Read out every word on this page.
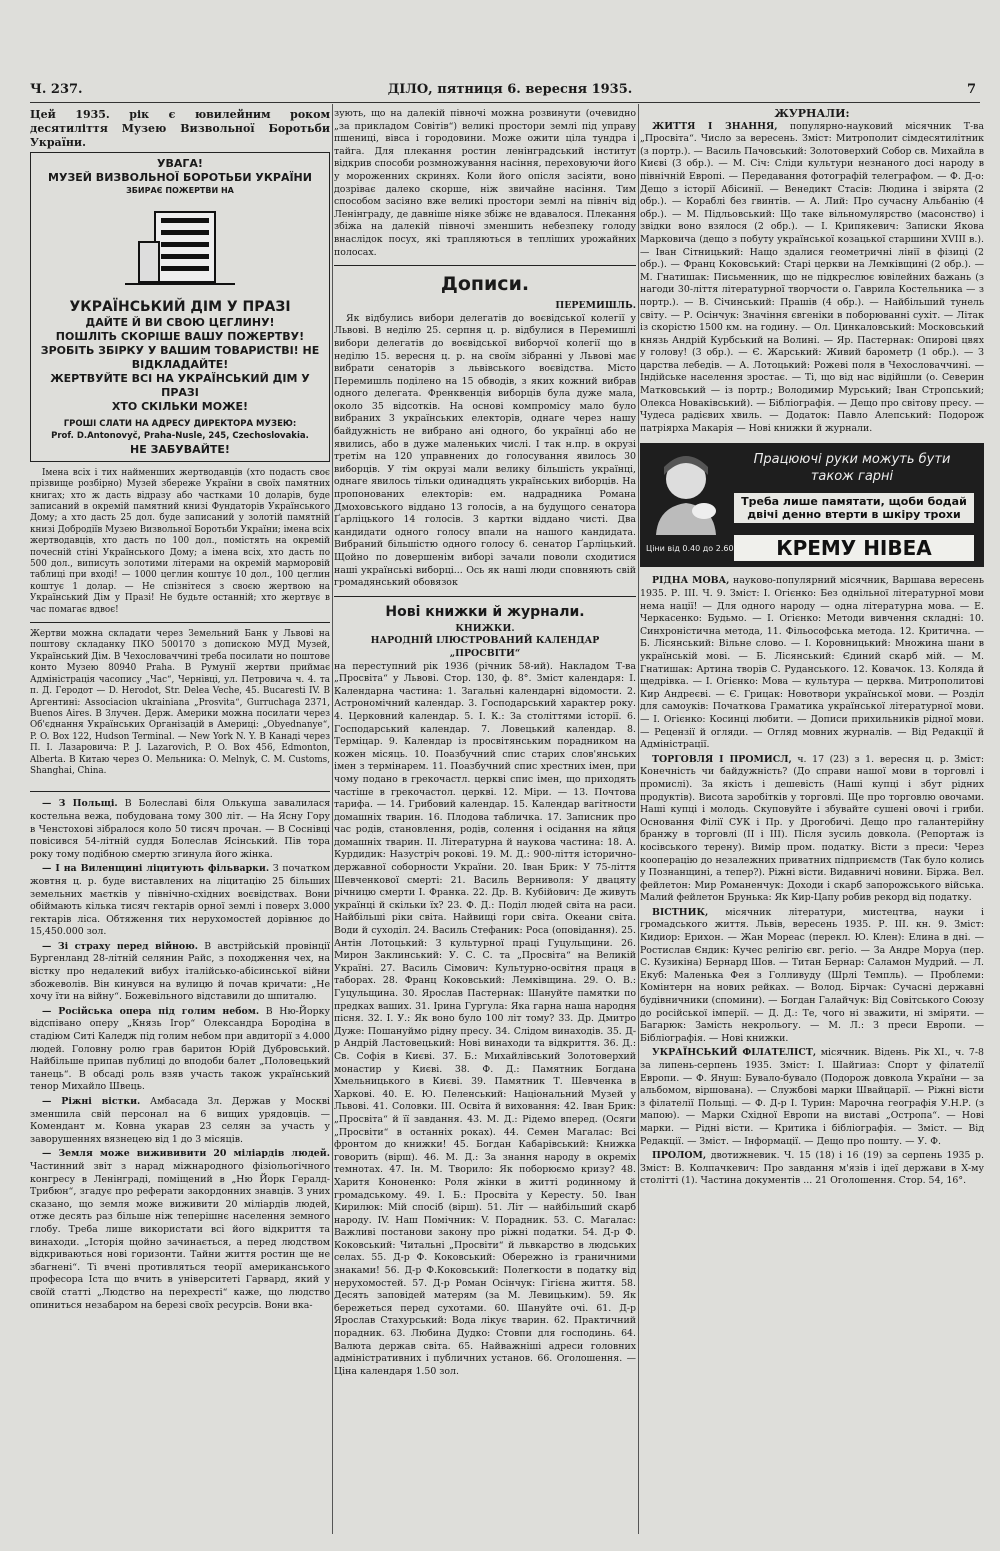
Ч. 237.	ДІЛО, пятниця 6. вересня 1935.	7

Цей 1935. рік є ювилейним роком десятиліття Музею Визвольної Боротьби України.

УВАГА!
МУЗЕЙ ВИЗВОЛЬНОЇ БОРОТЬБИ УКРАЇНИ
ЗБИРАЄ ПОЖЕРТВИ НА
УКРАЇНСЬКИЙ ДІМ У ПРАЗІ
ДАЙТЕ Й ВИ СВОЮ ЦЕГЛИНУ!
ПОШЛІТЬ СКОРІШЕ ВАШУ ПОЖЕРТВУ!
ЗРОБІТЬ ЗБІРКУ У ВАШИМ ТОВАРИСТВІ! НЕ ВІДКЛАДАЙТЕ!
ЖЕРТВУЙТЕ ВСІ НА УКРАЇНСЬКИЙ ДІМ У ПРАЗІ
ХТО СКІЛЬКИ МОЖЕ!
ГРОШІ СЛАТИ НА АДРЕСУ ДИРЕКТОРА МУЗЕЮ:
Prof. D.Antonovyč, Praha-Nusle, 245, Czechoslovakia.
НЕ ЗАБУВАЙТЕ!

Імена всіх і тих найменших жертводавців (хто подасть своє прізвище розбірно) Музей збереже України в своїх памятних книгах; хто ж дасть відразу або частками 10 доларів, буде записаний в окремій памятний книзі Фундаторів Українського Дому; а хто дасть 25 дол. буде записаний у золотій памятній книзі Добродіїв Музею Визвольної Боротьби України; імена всіх жертводавців, хто дасть по 100 дол., помістять на окремій почесній стіні Українського Дому; а імена всіх, хто дасть по 500 дол., виписуть золотими літерами на окремій марморовій таблиці при вході! — 1000 цеглин коштує 10 дол., 100 цеглин коштує 1 долар. — Не спізнітеся з своєю жертвою на Український Дім у Празі! Не будьте останній; хто жертвує в час помагає вдвоє!

Жертви можна складати через Земельний Банк у Львові на поштову складанку ПКО 500170 з допискою МУД Музей, Український Дім. В Чехословаччині треба посилати но поштове конто Музею 80940 Praha. В Румунії жертви приймає Адміністрація часопису „Час“, Чернівці, ул. Петровича ч. 4. та п. Д. Геродот — D. Herodot, Str. Delea Veche, 45. Bucaresti IV. В Аргентині: Associacion ukrainiana „Prosvita“, Gurruchaga 2371, Buenos Aires. В Злучен. Держ. Америки можна посилати через Об'єднання Українських Організацій в Америці: „Obyednanye“, P. O. Box 122, Hudson Terminal. — New York N. Y. В Канаді через П. І. Лазаровича: P. J. Lazarovich, P. O. Box 456, Edmonton, Alberta. В Китаю через О. Мельника: O. Melnyk, C. M. Customs, Shanghai, China.

— З Польщі. В Болеславі біля Олькуша завалилася костельна вежа, побудована тому 300 літ. — На Ясну Гору в Ченстохові зібралося коло 50 тисяч прочан. — В Соснівці повісився 54-літній суддя Болеслав Ясінський. Пів тора року тому подібною смертю згинула його жінка.

— І на Виленщині ліцитують фільварки. З початком жовтня ц. р. буде виставлених на ліцитацію 25 більших земельних маєтків у північно-східних воєвідствах. Вони обіймають кілька тисяч гектарів орної землі і поверх 3.000 гектарів ліса. Обтяження тих нерухомостей дорівнює до 15,450.000 зол.

— Зі страху перед війною. В австрійській провінції Бургенланд 28-літній селянин Райс, з походження чех, на вістку про недалекий вибух італійсько-абісинської війни збожеволів. Він кинувся на вулицю й почав кричати: „Не хочу їти на війну“. Божевільного відставили до шпиталю.

— Російська опера під голим небом. В Ню-Йорку відспівано оперу „Князь Ігор“ Олександра Бородіна в стадіюм Ситі Каледж під голим небом при авдиторії з 4.000 людей. Головну ролю грав баритон Юрій Дубровський. Найбільше припав публиці до вподоби балет „Половецький танець“. В обсаді роль взяв участь також український тенор Михайло Швець.

— Ріжні вістки. Амбасада Зл. Держав у Москві зменшила свій персонал на 6 вищих урядовців. — Комендант м. Ковна укарав 23 селян за участь у заворушеннях вязнецею від 1 до 3 місяців.

— Земля може вижививити 20 міліардів людей. Частинний звіт з нарад міжнародного фізіольогічного конгресу в Ленінграді, поміщений в „Ню Йорк Гералд-Трибюн“, згадує про реферати закордонних знавців. З уних сказано, що земля може виживити 20 міліардів людей, отже десять раз більше ніж теперішнє населення земного глобу. Треба лише використати всі його відкриття та винаходи. „Історія щойно зачинається, а перед людством відкриваються нові горизонти. Тайни життя ростин ще не збагнені“. Ті вчені противляться теорії американського професора Іста що вчить в університеті Гарвард, який у своїй статті „Людство на перехресті“ каже, що людство опиниться незабаром на березі своїх ресурсів. Вони вка-

зують, що на далекій півночі можна розвинути (очевидно „за прикладом Совітів“) великі простори землі під управу пшениці, вівса і городовини. Може ожити ціла тундра і тайга. Для плекання ростин ленінградський інститут відкрив способи розмножування насіння, переховуючи його у мороженних скринях. Коли його опісля засіяти, воно дозріває далеко скорше, ніж звичайне насіння. Тим способом засіяно вже великі простори землі на північ від Ленінграду, де давніше ніяке збіжє не вдавалося. Плекання збіжа на далекій півночі зменшить небезпеку голоду внаслідок посух, які трапляються в тепліших урожайних полосах.

Дописи.
ПЕРЕМИШЛЬ.

Як відбулись вибори делегатів до воєвідської колегії у Львові. В неділю 25. серпня ц. р. відбулися в Перемишлі вибори делегатів до воєвідської виборчої колегії що в неділю 15. вересня ц. р. на своїм зібранні у Львові має вибрати сенаторів з львівського воєвідства. Місто Перемишль поділено на 15 обводів, з яких кожний вибрав одного делегата. Френквенція виборців була дуже мала, около 35 відсотків. На основі компромісу мало було вибраних 3 українських електорів, однаге через нашу байдужність не вибрано ані одного, бо українці або не явились, або в дуже маленьких числі. І так н.пр. в окрузі третім на 120 управнених до голосування явилось 30 виборців. У тім окрузі мали велику більшість українці, однаге явилось тільки одинадцять українських виборців. На пропонованих електорів: ем. надрадника Романа Дмоховського віддано 13 голосів, а на будущого сенатора Ґарліцького 14 голосів. 3 картки віддано чисті. Два кандидати одного голосу впали на нашого кандидата. Вибраний більшістю одного голосу 6. сенатор Ґарліцький. Щойно по довершенім виборі зачали поволи сходитися наші українські виборці... Ось як наші люди сповняють свій громадянський обовязок

Нові книжки й журнали.
КНИЖКИ.
НАРОДНІЙ ІЛЮСТРОВАНИЙ КАЛЕНДАР „ПРОСВІТИ“

на переступний рік 1936 (річник 58-ий). Накладом Т-ва „Просвіта“ у Львові. Стор. 130, ф. 8°. Зміст календаря: І. Календарна частина: 1. Загальні календарні відомости. 2. Астрономічний календар. 3. Господарський характер року. 4. Церковний календар. 5. І. К.: За століттями історії. 6. Господарський календар. 7. Ловецький календар. 8. Терміцар. 9. Календар із просвітянським порадником на кожен місяць. 10. Поазбучний спис старих слов'янських імен з термінарем. 11. Поазбучний спис хрестних імен, при чому подано в грекочастл. церкві спис імен, що приходять частіше в грекочастол. церкві. 12. Міри. — 13. Почтова тарифа. — 14. Грибовий календар. 15. Календар вагітности домашніх тварин. 16. Плодова табличка. 17. Записник про час родів, становлення, родів, солення і осідання на яйця домашніх тварин. ІІ. Літературна й наукова частина: 18. А. Курдидик: Назустріч рокові. 19. М. Д.: 900-ліття історично-державної соборности України. 20. Іван Брик: У 75-ліття Шевченкової смерті: 21. Василь Верниволя: У двацяту річницю смерти І. Франка. 22. Др. В. Кубійович: Де живуть українці й скільки їх? 23. Ф. Д.: Поділ людей світа на раси. Найбільші ріки світа. Найвищі гори світа. Океани світа. Води й суходіл. 24. Василь Стефаник: Роса (оповідання). 25. Антін Лотоцький: З культурної праці Гуцульщини. 26. Мирон Заклинський: У. С. С. та „Просвіта“ на Великій Україні. 27. Василь Сімович: Культурно-освітня праця в таборах. 28. Франц Коковський: Лемківщина. 29. О. В.: Гуцульщина. 30. Ярослав Пастернак: Шануйте памятки по предках ваших. 31. Ірина Гургула: Яка гарна наша народня пісня. 32. І. У.: Як воно було 100 літ тому? 33. Др. Дмитро Дуже: Пошануймо рідну пресу. 34. Слідом винаходів. 35. Д-р Андрій Ластовецький: Нові винаходи та відкриття. 36. Д.: Св. Софія в Києві. 37. Б.: Михайлівський Золотоверхий монастир у Києві. 38. Ф. Д.: Памятник Богдана Хмельницького в Києві. 39. Памятник Т. Шевченка в Харкові. 40. Е. Ю. Пеленський: Національний Музей у Львові. 41. Соловки. ІІІ. Освіта й виховання: 42. Іван Брик: „Просвіта“ й її завдання. 43. М. Д.: Рідемо вперед. (Осяги „Просвіти“ в останніх роках). 44. Семен Магалас: Всі фронтом до книжки! 45. Богдан Кабарівський: Книжка говорить (вірш). 46. М. Д.: За знання народу в окреміх темнотах. 47. Ін. М. Творило: Як поборюємо кризу? 48. Харитя Кононенко: Роля жінки в житті родинному й громадському. 49. І. Б.: Просвіта у Кересту. 50. Іван Кирилюк: Мій спосіб (вірш). 51. Літ — найбільший скарб народу. ІV. Наш Помічник: V. Порадник. 53. С. Магалас: Важливі постанови закону про ріжні податки. 54. Д-р Ф. Коковський: Читальні „Просвіти“ й львкарство в людських селах. 55. Д-р Ф. Коковський: Обережно із граничними знаками! 56. Д-р Ф.Коковський: Полегкости в податку від нерухомостей. 57. Д-р Роман Осінчук: Гігієна життя. 58. Десять заповідей матерям (за М. Левицьким). 59. Як бережеться перед сухотами. 60. Шануйте очі. 61. Д-р Ярослав Стахурський: Вода лікує тварин. 62. Практичний порадник. 63. Любина Дудко: Стовпи для господинь. 64. Валюта держав світа. 65. Найважніші адреси головних адміністративних і публичних установ. 66. Оголошення. — Ціна календаря 1.50 зол.

ЖУРНАЛИ:

ЖИТТЯ І ЗНАННЯ, популярно-науковий місячник Т-ва „Просвіта“. Число за вересень. Зміст: Митрополит сімдесятилітник (з портр.). — Василь Пачовський: Золотоверхий Собор св. Михайла в Києві (3 обр.). — М. Січ: Сліди культури незнаного досі народу в північній Европі. — Передавання фотографій телеграфом. — Ф. Д-о: Дещо з історії Абісинії. — Венедикт Стасів: Людина і звірята (2 обр.). — Кораблі без гвинтів. — А. Лий: Про сучасну Альбанію (4 обр.). — М. Підльовський: Що таке вільномулярство (масонство) і звідки воно взялося (2 обр.). — І. Крипякевич: Записки Якова Марковича (дещо з побуту української козацької старшини XVIII в.). — Іван Сітницький: Нащо здалися геометричні лінії в фізиці (2 обр.). — Франц Коковський: Старі церкви на Лемківщині (2 обр.). — М. Гнатишак: Письменник, що не підкреслює ювілейних бажань (з нагоди 30-ліття літературної творчости о. Гаврила Костельника — з портр.). — В. Січинський: Прашів (4 обр.). — Найбільший тунель світу. — Р. Осінчук: Значіння євгеніки в поборюванні сухіт. — Літак із скорістю 1500 км. на годину. — Ол. Цинкаловський: Московський князь Андрій Курбський на Волині. — Яр. Пастернак: Опирові цвях у голову! (3 обр.). — Є. Жарський: Живий барометр (1 обр.). — З царства лебедів. — А. Лотоцький: Рожеві поля в Чехословаччині. — Індійське населення зростає. — Ті, що від нас відійшли (о. Северин Матковський — із портр.; Володимир Мурський; Іван Стропський; Олекса Новаківський). — Бібліографія. — Дещо про світову пресу. — Чудеса радієвих хвиль. — Додаток: Павло Алепський: Подорож патріярха Макарія — Нові книжки й журнали.

Працюючі руки можуть бути також гарні
Треба лише памятати, щоби бодай двічі денно втерти в шкіру трохи
Ціни від 0.40 до 2.60	КРЕМУ НІВЕА

РІДНА МОВА, науково-популярний місячник, Варшава вересень 1935. Р. ІІІ. Ч. 9. Зміст: І. Огієнко: Без однільної літературної мови нема нації! — Для одного народу — одна літературна мова. — Е. Черкасенко: Будьмо. — І. Огієнко: Методи вивчення складні: 10. Синхроністична метода, 11. Фільософська метода. 12. Критична. — Б. Лісянський: Вільне слово. — І. Коровницький: Множина шани в українській мові. — Б. Лісянський: Єдиний скарб мій. — М. Гнатишак: Артина творів С. Руданського. 12. Ковачок. 13. Коляда й щедрівка. — І. Огієнко: Мова — культура — церква. Митрополитові Кир Андреєві. — Є. Грицак: Новотвори української мови. — Розділ для самоуків: Початкова Граматика української літературної мови. — І. Огієнко: Косинці любити. — Дописи прихильників рідної мови. — Рецензії й огляди. — Огляд мовних журналів. — Від Редакції й Адміністрації.

ТОРГОВЛЯ І ПРОМИСЛ, ч. 17 (23) з 1. вересня ц. р. Зміст: Конечність чи байдужність? (До справи нашої мови в торговлі і промислі). За якість і дешевість (Наші купці і збут рідних продуктів). Висота заробітків у торговлі. Ще про торговлю овочами. Наші купці і молодь. Скуповуйте і збувайте сушені овочі і гриби. Основання Філії СУК і Пр. у Дрогобичі. Дещо про галантерійну бранжу в торговлі (ІІ і ІІІ). Після зусиль довкола. (Репортаж із косівського терену). Вимір пром. податку. Вісти з преси: Через кооперацію до незалежних приватних підприємств (Так було колись у Познанщині, а тепер?). Ріжні вісти. Видавничі новини. Біржа. Вел. фейлетон: Мир Романенчук: Доходи і скарб запорожського війська. Малий фейлетон Брунька: Як Кир-Цапу робив рекорд від податку.

ВІСТНИК, місячник літератури, мистецтва, науки і громадського життя. Львів, вересень 1935. Р. ІІІ. кн. 9. Зміст: Кидиор: Ерихон. — Жан Мореас (перекл. Ю. Клен): Елина в дні. — Ростислав Єндик: Кучес релігію євг. регіо. — За Андре Моруа (пер. С. Кузикіна) Бернард Шов. — Титан Бернар: Саламон Мудрий. — Л. Екуб: Маленька Фея з Голливуду (Шрлі Темпль). — Проблеми: Комінтерн на нових рейках. — Волод. Бірчак: Сучасні державні будівничники (спомини). — Богдан Галайчук: Від Совітського Союзу до російської імперії. — Д. Д.: Те, чого ні зважити, ні зміряти. — Багарюк: Замість некрольогу. — М. Л.: З преси Европи. — Бібліографія. — Нові книжки.

УКРАЇНСЬКИЙ ФІЛАТЕЛІСТ, місячник. Відень. Рік XI., ч. 7-8 за липень-серпень 1935. Зміст: І. Шайгиаз: Спорт у філателії Европи. — Ф. Януш: Бувало-бувало (Подорож довкола України — за альбомом, віршована). — Службові марки Швайцарії. — Ріжні вісти з філателії Польщі. — Ф. Д-р І. Турин: Марочна географія У.Н.Р. (з мапою). — Марки Східної Европи на виставі „Остропа“. — Нові марки. — Рідні вісти. — Критика і бібліографія. — Зміст. — Від Редакції. — Зміст. — Інформації. — Дещо про пошту. — У. Ф.

ПРОЛОМ, двотижневик. Ч. 15 (18) і 16 (19) за серпень 1935 р. Зміст: В. Колпачкевич: Про завдання м'язів і ідеї держави в Х-му столітті (1). Частина документів ... 21 Оголошення. Стор. 54, 16°.
